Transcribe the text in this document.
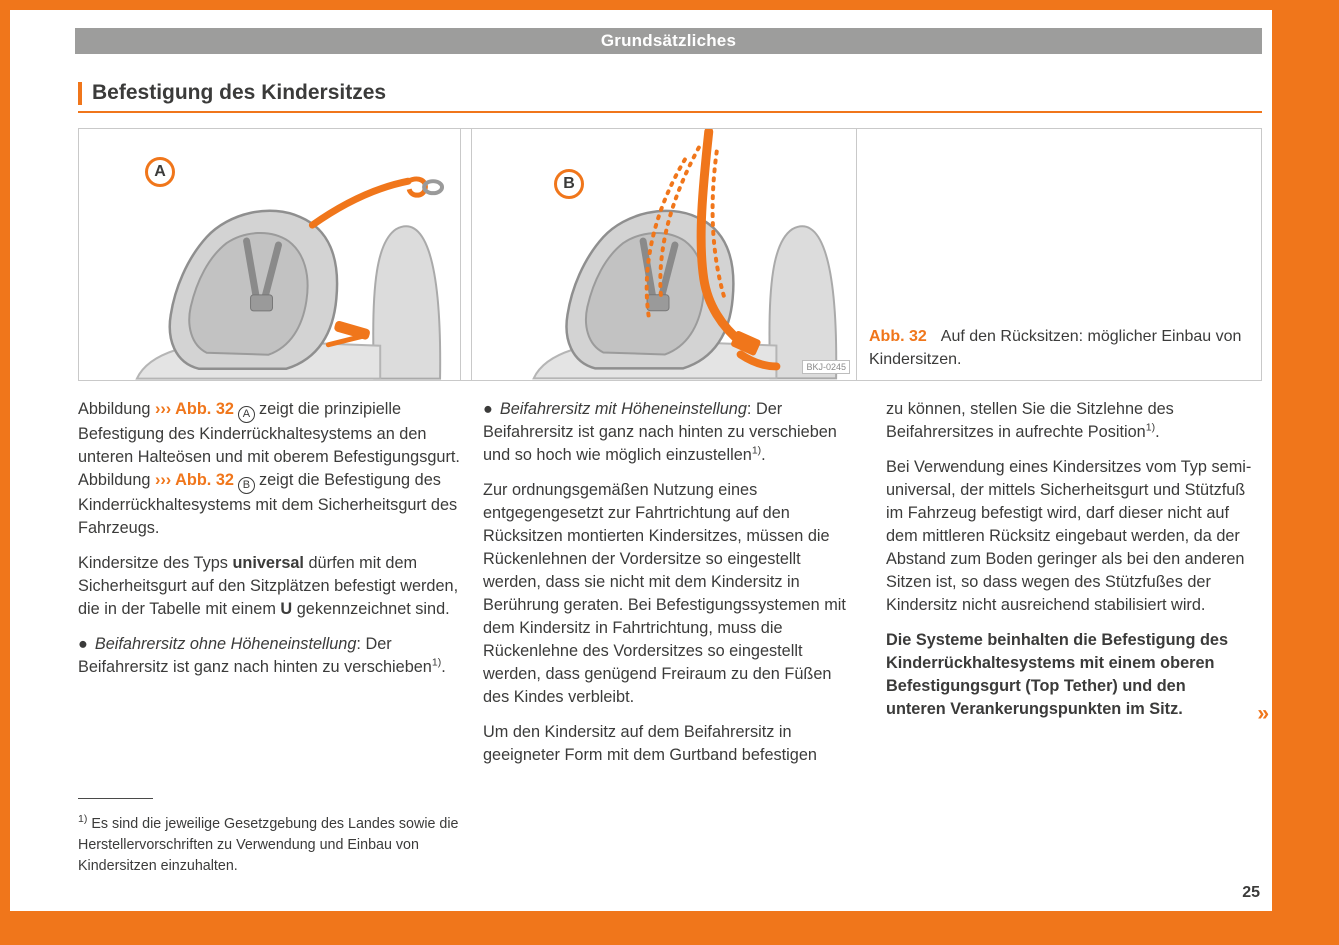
Grundsätzliches
Befestigung des Kindersitzes
A
B
BKJ-0245
Abb. 32 Auf den Rücksitzen: möglicher Einbau von Kindersitzen.

Abbildung ››› Abb. 32 A zeigt die prinzipielle Befestigung des Kinderrückhaltesystems an den unteren Halteösen und mit oberem Befestigungsgurt. Abbildung ››› Abb. 32 B zeigt die Befestigung des Kinderrückhaltesystems mit dem Sicherheitsgurt des Fahrzeugs.

Kindersitze des Typs universal dürfen mit dem Sicherheitsgurt auf den Sitzplätzen befestigt werden, die in der Tabelle mit einem U gekennzeichnet sind.

● Beifahrersitz ohne Höheneinstellung: Der Beifahrersitz ist ganz nach hinten zu verschieben$^{1)}$.

● Beifahrersitz mit Höheneinstellung: Der Beifahrersitz ist ganz nach hinten zu verschieben und so hoch wie möglich einzustellen$^{1)}$.

Zur ordnungsgemäßen Nutzung eines entgegengesetzt zur Fahrtrichtung auf den Rücksitzen montierten Kindersitzes, müssen die Rückenlehnen der Vordersitze so eingestellt werden, dass sie nicht mit dem Kindersitz in Berührung geraten. Bei Befestigungssystemen mit dem Kindersitz in Fahrtrichtung, muss die Rückenlehne des Vordersitzes so eingestellt werden, dass genügend Freiraum zu den Füßen des Kindes verbleibt.

Um den Kindersitz auf dem Beifahrersitz in geeigneter Form mit dem Gurtband befestigen

zu können, stellen Sie die Sitzlehne des Beifahrersitzes in aufrechte Position$^{1)}$.

Bei Verwendung eines Kindersitzes vom Typ semi-universal, der mittels Sicherheitsgurt und Stützfuß im Fahrzeug befestigt wird, darf dieser nicht auf dem mittleren Rücksitz eingebaut werden, da der Abstand zum Boden geringer als bei den anderen Sitzen ist, so dass wegen des Stützfußes der Kindersitz nicht ausreichend stabilisiert wird.

Die Systeme beinhalten die Befestigung des Kinderrückhaltesystems mit einem oberen Befestigungsgurt (Top Tether) und den unteren Verankerungspunkten im Sitz.	»

$^{1)}$ Es sind die jeweilige Gesetzgebung des Landes sowie die Herstellervorschriften zu Verwendung und Einbau von Kindersitzen einzuhalten.

25
